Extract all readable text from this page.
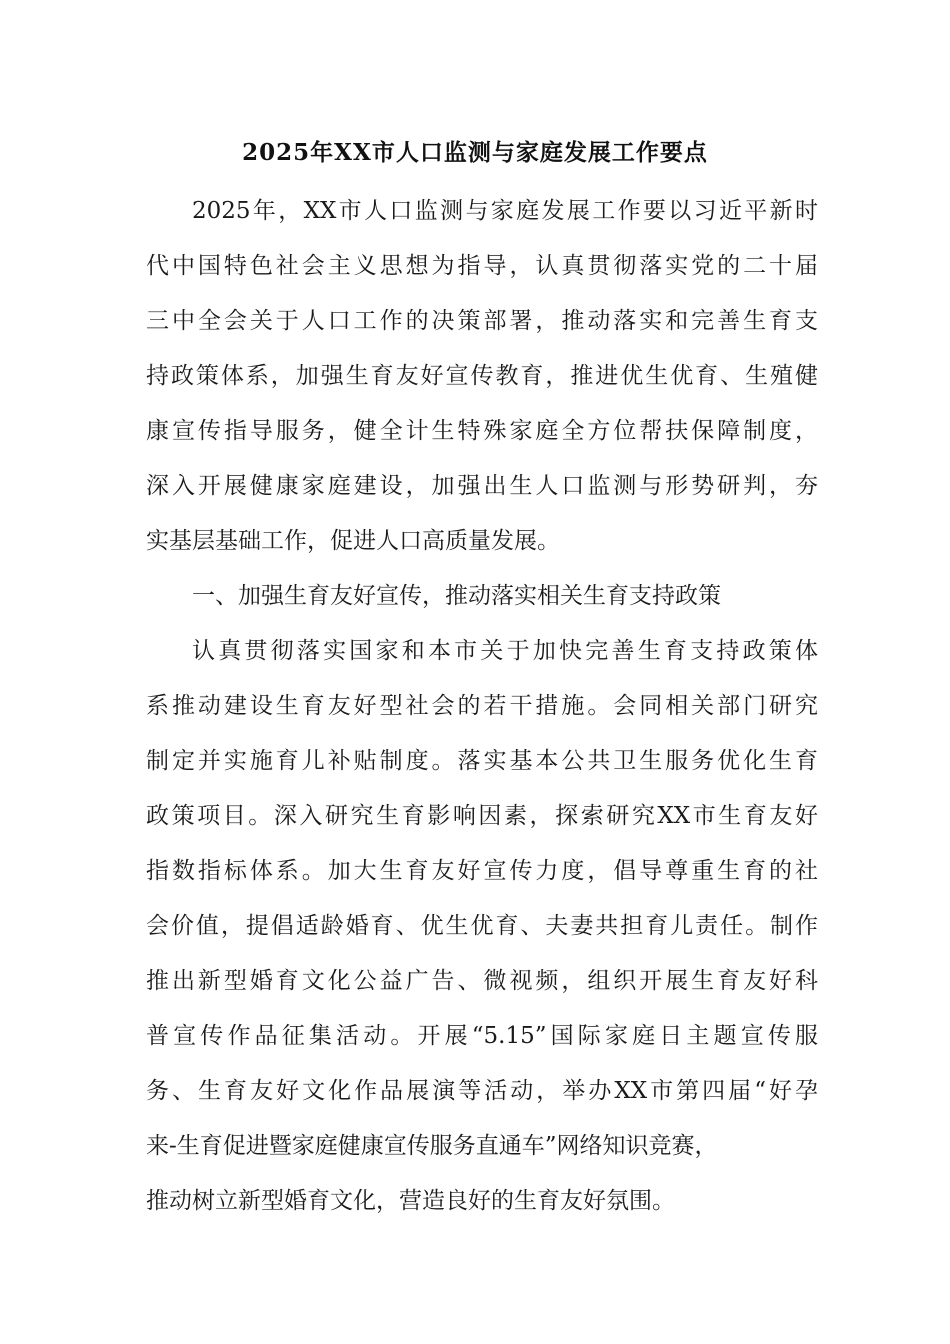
2025年XX市人口监测与家庭发展工作要点
2025年，XX市人口监测与家庭发展工作要以习近平新时
代中国特色社会主义思想为指导，认真贯彻落实党的二十届
三中全会关于人口工作的决策部署，推动落实和完善生育支
持政策体系，加强生育友好宣传教育，推进优生优育、生殖健
康宣传指导服务，健全计生特殊家庭全方位帮扶保障制度，
深入开展健康家庭建设，加强出生人口监测与形势研判，夯
实基层基础工作，促进人口高质量发展。
一、加强生育友好宣传，推动落实相关生育支持政策
认真贯彻落实国家和本市关于加快完善生育支持政策体
系推动建设生育友好型社会的若干措施。会同相关部门研究
制定并实施育儿补贴制度。落实基本公共卫生服务优化生育
政策项目。深入研究生育影响因素，探索研究XX市生育友好
指数指标体系。加大生育友好宣传力度，倡导尊重生育的社
会价值，提倡适龄婚育、优生优育、夫妻共担育儿责任。制作
推出新型婚育文化公益广告、微视频，组织开展生育友好科
普宣传作品征集活动。开展“5.15”国际家庭日主题宣传服
务、生育友好文化作品展演等活动，举办XX市第四届“好孕
来-生育促进暨家庭健康宣传服务直通车”网络知识竞赛，
推动树立新型婚育文化，营造良好的生育友好氛围。
